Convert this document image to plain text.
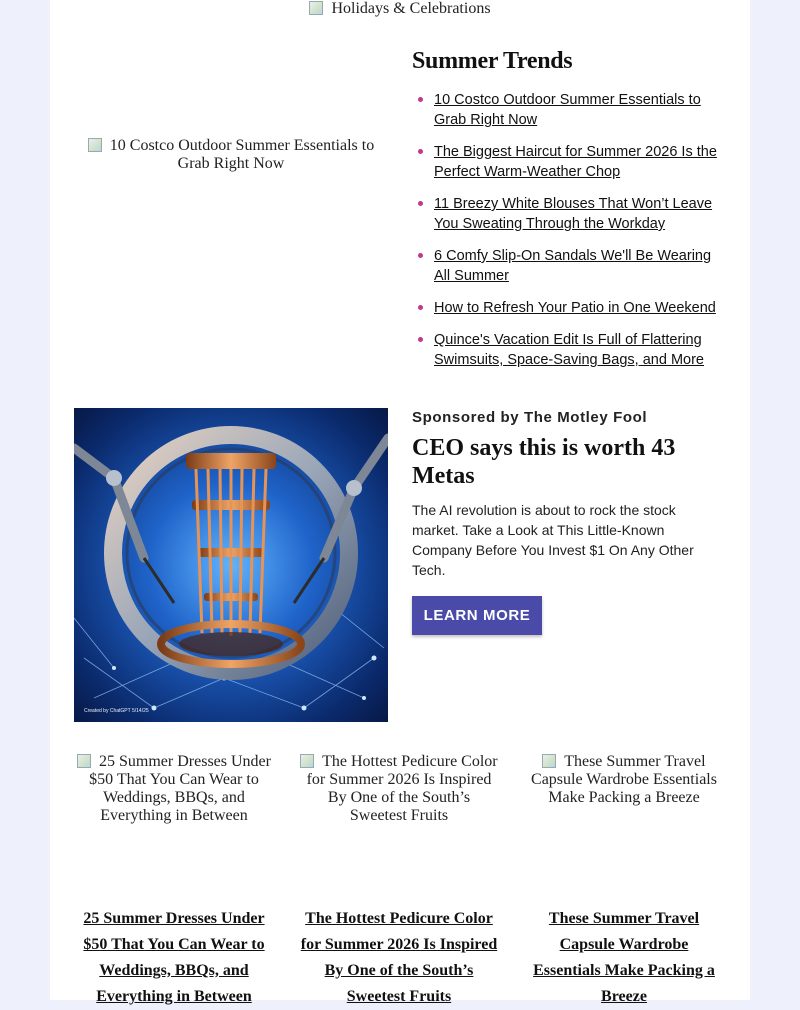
Holidays & Celebrations
10 Costco Outdoor Summer Essentials to Grab Right Now
Summer Trends
10 Costco Outdoor Summer Essentials to Grab Right Now
The Biggest Haircut for Summer 2026 Is the Perfect Warm-Weather Chop
11 Breezy White Blouses That Won’t Leave You Sweating Through the Workday
6 Comfy Slip-On Sandals We'll Be Wearing All Summer
How to Refresh Your Patio in One Weekend
Quince's Vacation Edit Is Full of Flattering Swimsuits, Space-Saving Bags, and More
Created by ChatGPT 5/14/25
Sponsored by The Motley Fool
CEO says this is worth 43 Metas
The AI revolution is about to rock the stock market. Take a Look at This Little-Known Company Before You Invest $1 On Any Other Tech.
LEARN MORE
25 Summer Dresses Under $50 That You Can Wear to Weddings, BBQs, and Everything in Between
The Hottest Pedicure Color for Summer 2026 Is Inspired By One of the South’s Sweetest Fruits
These Summer Travel Capsule Wardrobe Essentials Make Packing a Breeze
25 Summer Dresses Under $50 That You Can Wear to Weddings, BBQs, and Everything in Between
The Hottest Pedicure Color for Summer 2026 Is Inspired By One of the South’s Sweetest Fruits
These Summer Travel Capsule Wardrobe Essentials Make Packing a Breeze
